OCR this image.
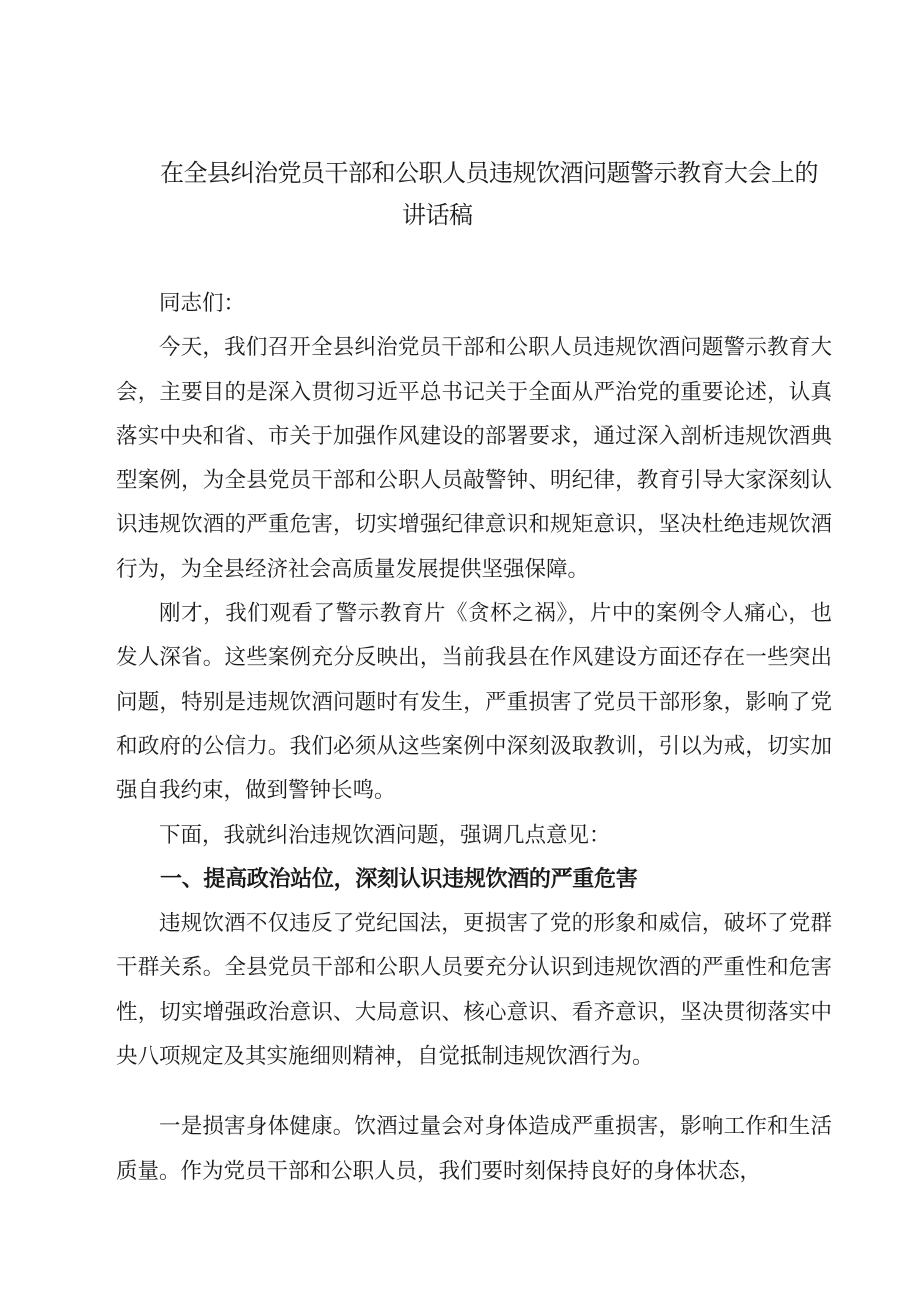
在全县纠治党员干部和公职人员违规饮酒问题警示教育大会上的
讲话稿

同志们：

今天，我们召开全县纠治党员干部和公职人员违规饮酒问题警示教育大会，主要目的是深入贯彻习近平总书记关于全面从严治党的重要论述，认真落实中央和省、市关于加强作风建设的部署要求，通过深入剖析违规饮酒典型案例，为全县党员干部和公职人员敲警钟、明纪律，教育引导大家深刻认识违规饮酒的严重危害，切实增强纪律意识和规矩意识，坚决杜绝违规饮酒行为，为全县经济社会高质量发展提供坚强保障。

刚才，我们观看了警示教育片《贪杯之祸》，片中的案例令人痛心，也发人深省。这些案例充分反映出，当前我县在作风建设方面还存在一些突出问题，特别是违规饮酒问题时有发生，严重损害了党员干部形象，影响了党和政府的公信力。我们必须从这些案例中深刻汲取教训，引以为戒，切实加强自我约束，做到警钟长鸣。

下面，我就纠治违规饮酒问题，强调几点意见：

一、提高政治站位，深刻认识违规饮酒的严重危害

违规饮酒不仅违反了党纪国法，更损害了党的形象和威信，破坏了党群干群关系。全县党员干部和公职人员要充分认识到违规饮酒的严重性和危害性，切实增强政治意识、大局意识、核心意识、看齐意识，坚决贯彻落实中央八项规定及其实施细则精神，自觉抵制违规饮酒行为。

一是损害身体健康。饮酒过量会对身体造成严重损害，影响工作和生活质量。作为党员干部和公职人员，我们要时刻保持良好的身体状态，
